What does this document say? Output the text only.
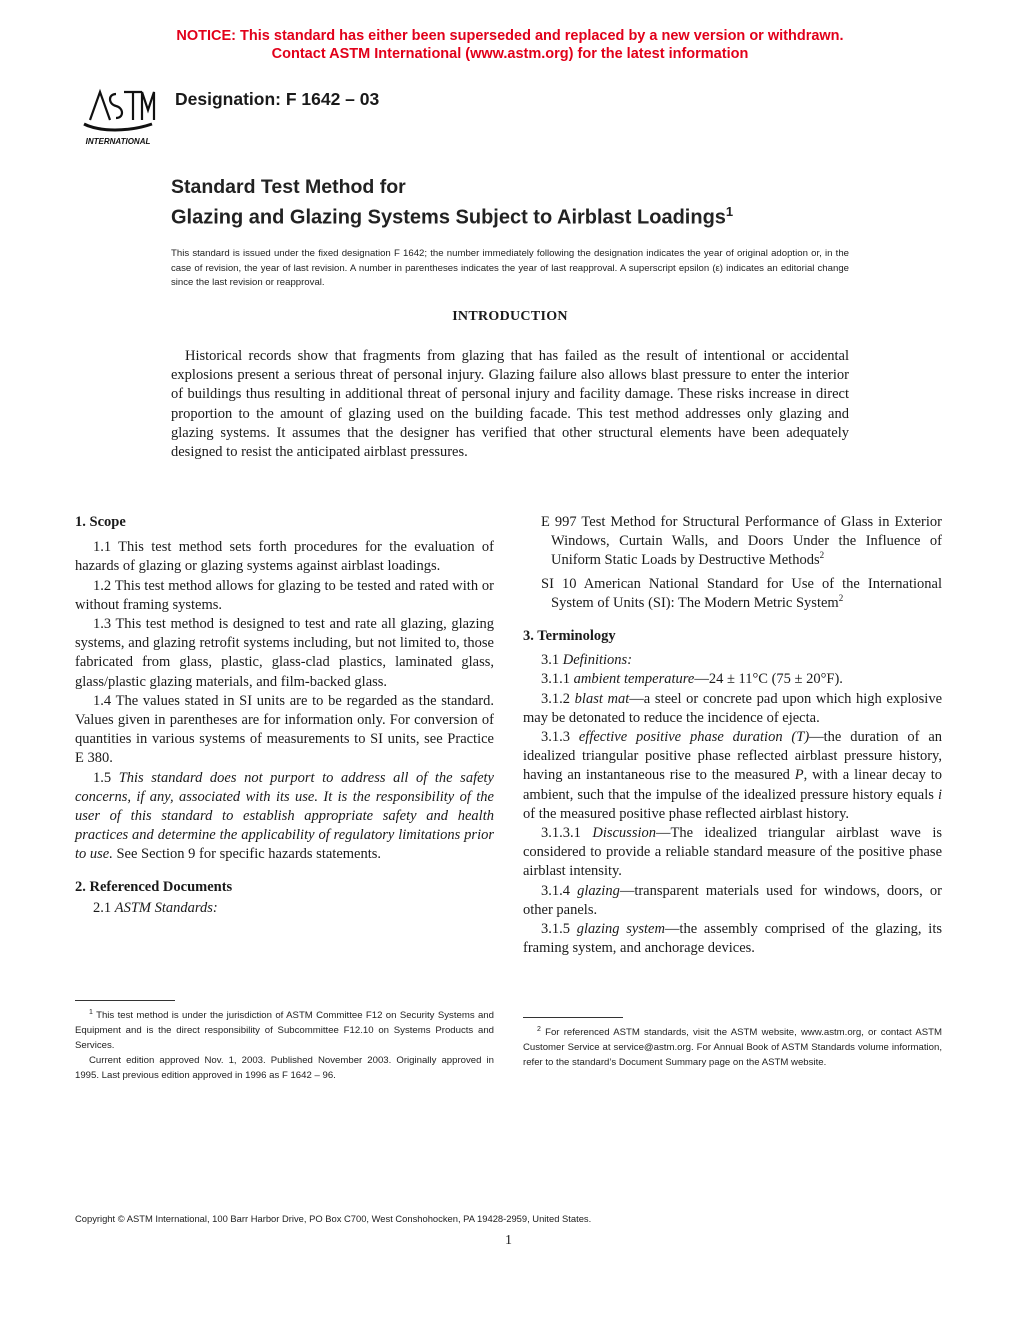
NOTICE: This standard has either been superseded and replaced by a new version or withdrawn.
Contact ASTM International (www.astm.org) for the latest information
INTERNATIONAL
Designation: F 1642 – 03
Standard Test Method for
Glazing and Glazing Systems Subject to Airblast Loadings$^1$
This standard is issued under the fixed designation F 1642; the number immediately following the designation indicates the year of original adoption or, in the case of revision, the year of last revision. A number in parentheses indicates the year of last reapproval. A superscript epsilon (ε) indicates an editorial change since the last revision or reapproval.
INTRODUCTION
Historical records show that fragments from glazing that has failed as the result of intentional or accidental explosions present a serious threat of personal injury. Glazing failure also allows blast pressure to enter the interior of buildings thus resulting in additional threat of personal injury and facility damage. These risks increase in direct proportion to the amount of glazing used on the building facade. This test method addresses only glazing and glazing systems. It assumes that the designer has verified that other structural elements have been adequately designed to resist the anticipated airblast pressures.
1. Scope

1.1 This test method sets forth procedures for the evaluation of hazards of glazing or glazing systems against airblast loadings.

1.2 This test method allows for glazing to be tested and rated with or without framing systems.

1.3 This test method is designed to test and rate all glazing, glazing systems, and glazing retrofit systems including, but not limited to, those fabricated from glass, plastic, glass-clad plastics, laminated glass, glass/plastic glazing materials, and film-backed glass.

1.4 The values stated in SI units are to be regarded as the standard. Values given in parentheses are for information only. For conversion of quantities in various systems of measurements to SI units, see Practice E 380.

1.5 This standard does not purport to address all of the safety concerns, if any, associated with its use. It is the responsibility of the user of this standard to establish appropriate safety and health practices and determine the applicability of regulatory limitations prior to use. See Section 9 for specific hazards statements.

2. Referenced Documents

2.1 ASTM Standards:

E 997 Test Method for Structural Performance of Glass in Exterior Windows, Curtain Walls, and Doors Under the Influence of Uniform Static Loads by Destructive Methods$^2$

SI 10 American National Standard for Use of the International System of Units (SI): The Modern Metric System$^2$

3. Terminology

3.1 Definitions:

3.1.1 ambient temperature—24 ± 11°C (75 ± 20°F).

3.1.2 blast mat—a steel or concrete pad upon which high explosive may be detonated to reduce the incidence of ejecta.

3.1.3 effective positive phase duration (T)—the duration of an idealized triangular positive phase reflected airblast pressure history, having an instantaneous rise to the measured P, with a linear decay to ambient, such that the impulse of the idealized pressure history equals i of the measured positive phase reflected airblast history.

3.1.3.1 Discussion—The idealized triangular airblast wave is considered to provide a reliable standard measure of the positive phase airblast intensity.

3.1.4 glazing—transparent materials used for windows, doors, or other panels.

3.1.5 glazing system—the assembly comprised of the glazing, its framing system, and anchorage devices.

$^1$ This test method is under the jurisdiction of ASTM Committee F12 on Security Systems and Equipment and is the direct responsibility of Subcommittee F12.10 on Systems Products and Services.

Current edition approved Nov. 1, 2003. Published November 2003. Originally approved in 1995. Last previous edition approved in 1996 as F 1642 – 96.

$^2$ For referenced ASTM standards, visit the ASTM website, www.astm.org, or contact ASTM Customer Service at service@astm.org. For Annual Book of ASTM Standards volume information, refer to the standard’s Document Summary page on the ASTM website.

Copyright © ASTM International, 100 Barr Harbor Drive, PO Box C700, West Conshohocken, PA 19428-2959, United States.
1
